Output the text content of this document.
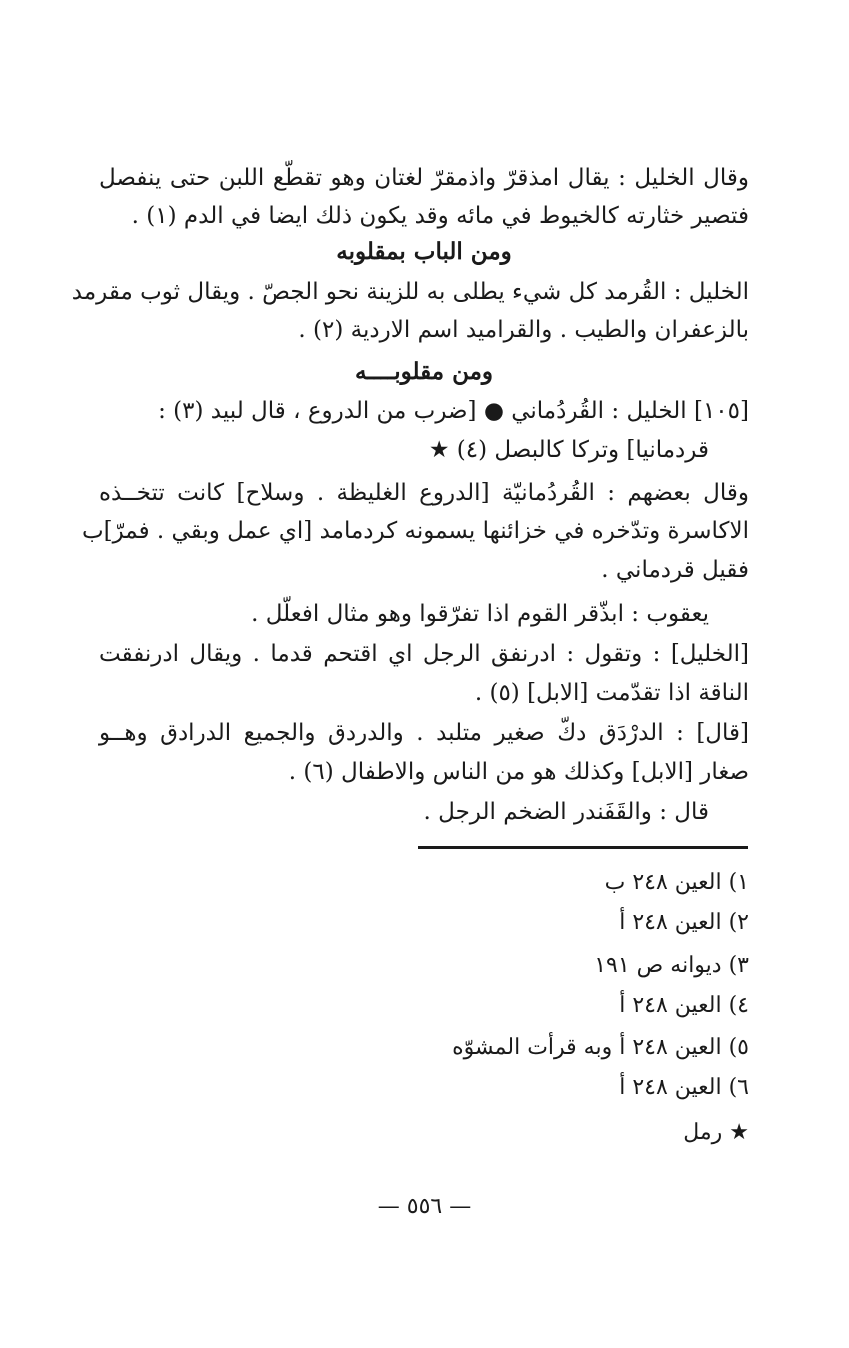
وقال الخليل : يقال امذقرّ واذمقرّ لغتان وهو تقطّع اللبن حتى ينفصل
فتصير خثارته كالخيوط في مائه وقد يكون ذلك ايضا في الدم (١) .
ومن الباب بمقلوبه
الخليل : القُرمد كل شيء يطلى به للزينة نحو الجصّ . ويقال ثوب مقرمد
بالزعفران والطيب . والقراميد اسم الاردية (٢) .
ومن مقلوبــــه
[١٠٥] الخليل : القُردُماني ● [ضرب من الدروع ، قال لبيد (٣) :
قردمانيا] وتركا كالبصل (٤) ★
وقال بعضهم : القُردُمانيّة [الدروع الغليظة . وسلاح] كانت تتخــذه
الاكاسرة وتدّخره في خزائنها يسمونه كردمامد [اي عمل وبقي . فمرّ]ب
فقيل قردماني .
يعقوب : ابذّقر القوم اذا تفرّقوا وهو مثال افعلّل .
[الخليل] : وتقول : ادرنفق الرجل اي اقتحم قدما . ويقال ادرنفقت
الناقة اذا تقدّمت [الابل] (٥) .
[قال] : الدرْدَق دكّ صغير متلبد . والدردق والجميع الدرادق وهــو
صغار [الابل] وكذلك هو من الناس والاطفال (٦) .
قال : والقَفَندر الضخم الرجل .
١) العين ٢٤٨ ب
٢) العين ٢٤٨ أ
٣) ديوانه ص ١٩١
٤) العين ٢٤٨ أ
٥) العين ٢٤٨ أ وبه قرأت المشوّه
٦) العين ٢٤٨ أ
★ رمل
— ٥٥٦ —
